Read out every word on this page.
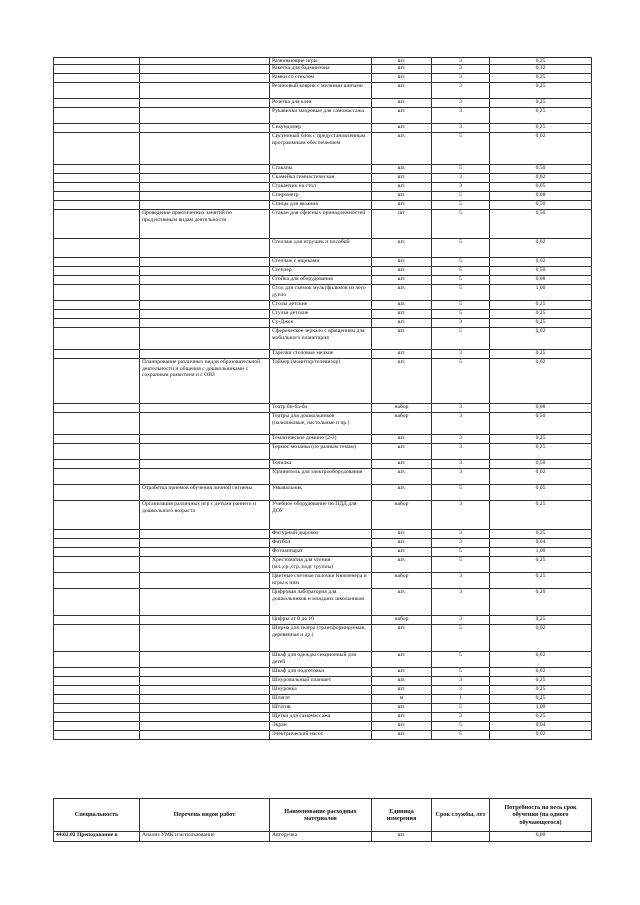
		Развивающие игры	шт.	3	0,25
		Ракетка для бадминтона	шт.	3	0,12
		Рамки со стеклом	шт.	3	0,25
		Резиновый коврик с мелкими шипами	шт.	3	0,25
		Розетка для клея	шт.	3	0,25
		Рукавички махровые для самомассажа	шт.	3	0,25
		Секундомер	шт.	3	0,25
		Системный блок с предустановленным программным обеспечением	шт.	5	0,02
		Стакапы	шт.	5	0,50
		Скамейка гимнастическая	шт.	3	0,02
		Стаканчик на стол	шт.	3	0,05
		Спирометр	шт.	5	0,08
		Спицы для вязания	шт.	5	0,50
	Проведение практических занятий по продуктивным видам деятельности	Стакан для офисных принадлежностей	шт	5	0,50
		Стеллаж для игрушек и пособий	шт.	5	0,02
		Стеллаж с ящиками	шт.	5	0,02
		Степлер	шт.	5	0,50
		Стойка для оборудования	шт.	5	0,08
		Стол для съемок мультфильмов из лего дупло	шт.	5	1,00
		Столы детские	шт.	5	0,25
		Стулья детские	шт.	5	0,25
		Су-Джок	шт.	3	0,25
		Сферическое зеркало с вращением для мобильного планетария	шт.	5	0,02
		Тарелки столовые мелкие	шт.	3	0,25
	Планирование различных видов образовательной деятельности и общения с дошкольниками с сохранным развитием и с ОВЗ	Таймер (монитор/телевизор)	шт.	5	0,02
		Театр би-ба-бо	набор	3	0,08
		Театры для дошкольников (пальчиковые, настольные и пр.)	набор	3	0,50
		Тематическое домино (2-3)	шт.	3	0,25
		Термос мозаика (по разным темам)	шт.	3	0,25
		Точилка	шт.	3	0,50
		Удлинитель для электрооборудования	шт.	3	0,02
	Отработка приемов обучения личной гигиены	Умывальник	шт.	5	0,05
	Организация различных игр с детьми раннего и дошкольного возраста	Учебное оборудование по ПДД для ДОУ	набор	3	0,25
		Фигурный дырокол	шт.	3	0,25
		Фитбол	шт.	3	0,04
		Фотоаппарат	шт.	5	1,00
		Хрестоматия для чтения (мл.,ср.,стр.,подг группы)	шт.	5	0,25
		Цветные счетные палочки Кюизенера и игры к ним	набор	3	0,25
		Цифровая лаборатория для дошкольников и младших школьников	шт.	3	0,20
		Цифры от 0 до 10	набор	3	0,25
		Ширма для театра (трансформируемая, деревянная и др.)	шт.	5	0,02
		Шкаф для одежды секционный для детей	шт.	5	0,02
		Шкаф для подготовки	шт.	5	0,02
		Шнуровальный планшет	шт.	3	0,25
		Шнуровка	шт.	3	0,25
		Шпагат	м	1	0,25
		Штатив	шт.	5	1,00
		Щетки для самомассажа	шт.	3	0,25
		Экран	шт.	5	0,04
		Электрический насос	шт.	5	0,02
Специальность	Перечень видов работ	Наименование расходных материалов	Единица измерения	Срок службы, лет	Потребность на весь срок обучения (на одного обучающегося)
44.02.02 Преподавание в	Анализ УМК и использование	Авторучка	шт.		6,00
